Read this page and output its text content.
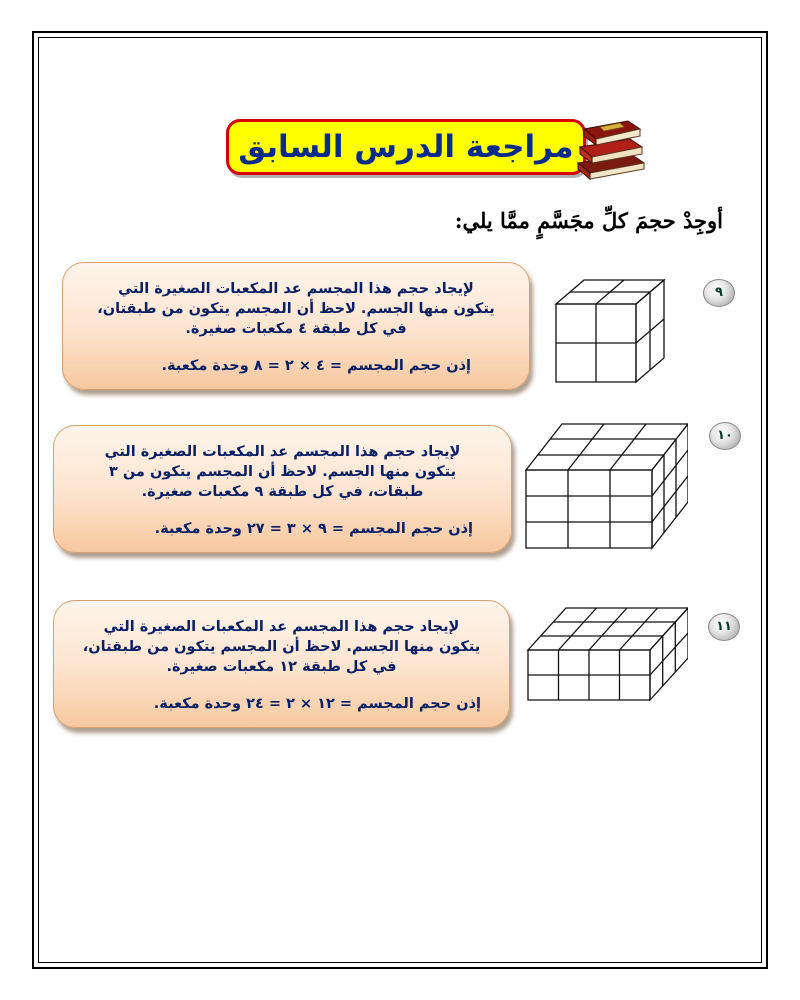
مراجعة الدرس السابق
أوجِدْ حجمَ كلِّ مجَسَّمٍ ممَّا يلي:
٩
لإيجاد حجم هذا المجسم عد المكعبات الصغيرة التي
يتكون منها الجسم. لاحظ أن المجسم يتكون من طبقتان،
في كل طبقة ٤ مكعبات صغيرة.
إذن حجم المجسم = ٤ × ٢ = ٨ وحدة مكعبة.
١٠
لإيجاد حجم هذا المجسم عد المكعبات الصغيرة التي
يتكون منها الجسم. لاحظ أن المجسم يتكون من ٣
طبقات، في كل طبقة ٩ مكعبات صغيرة.
إذن حجم المجسم = ٩ × ٣ = ٢٧ وحدة مكعبة.
١١
لإيجاد حجم هذا المجسم عد المكعبات الصغيرة التي
يتكون منها الجسم. لاحظ أن المجسم يتكون من طبقتان،
في كل طبقة ١٢ مكعبات صغيرة.
إذن حجم المجسم = ١٢ × ٢ = ٢٤ وحدة مكعبة.
